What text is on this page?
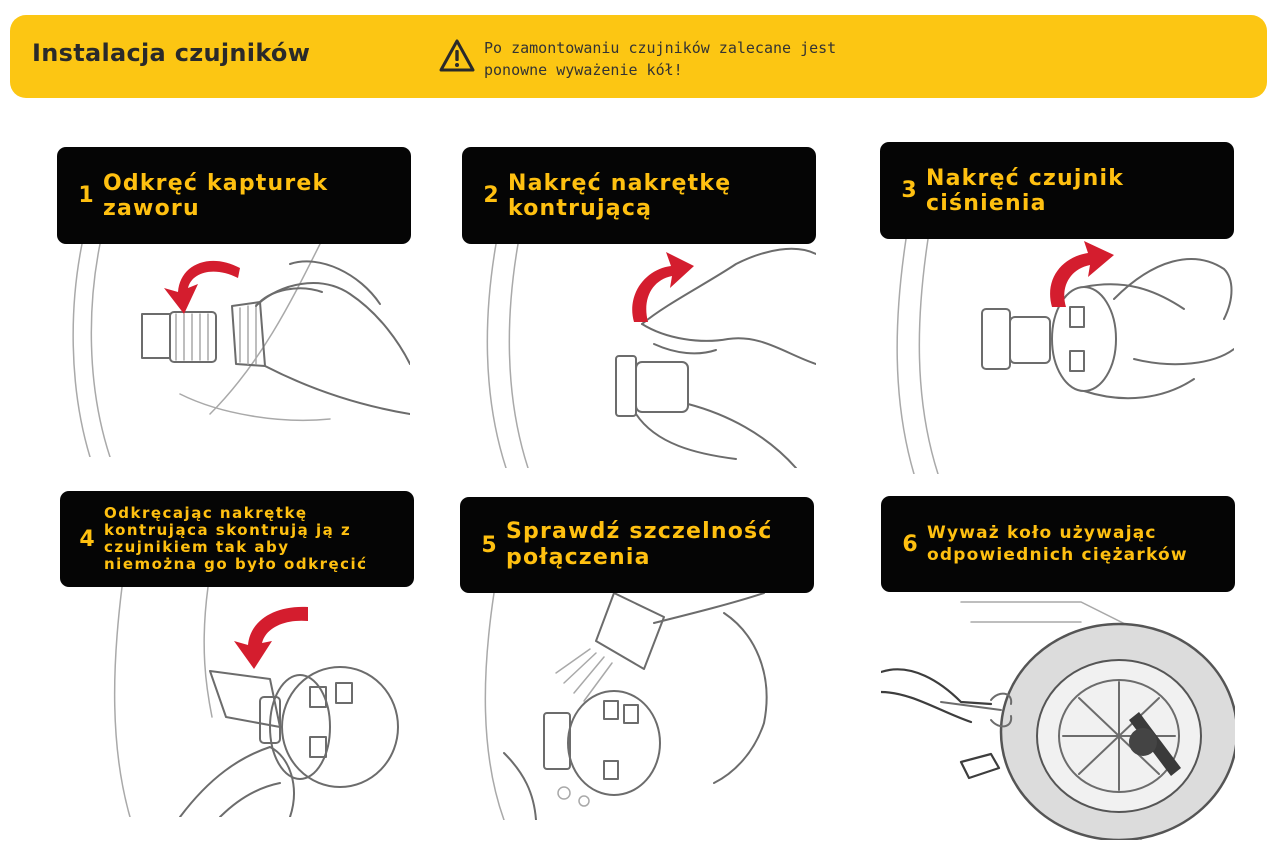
Instalacja czujników	Po zamontowaniu czujników zalecane jest
ponowne wyważenie kół!
1 Odkręć kapturek
zaworu	2 Nakręć nakrętkę
kontrującą
3 Nakręć czujnik
ciśnienia
4
Odkręcając nakrętkę
kontrująca skontrują ją z
czujnikiem tak aby
niemożna go było odkręcić
5
Sprawdź szczelność
połączenia
6 Wyważ koło używając
odpowiednich ciężarków
